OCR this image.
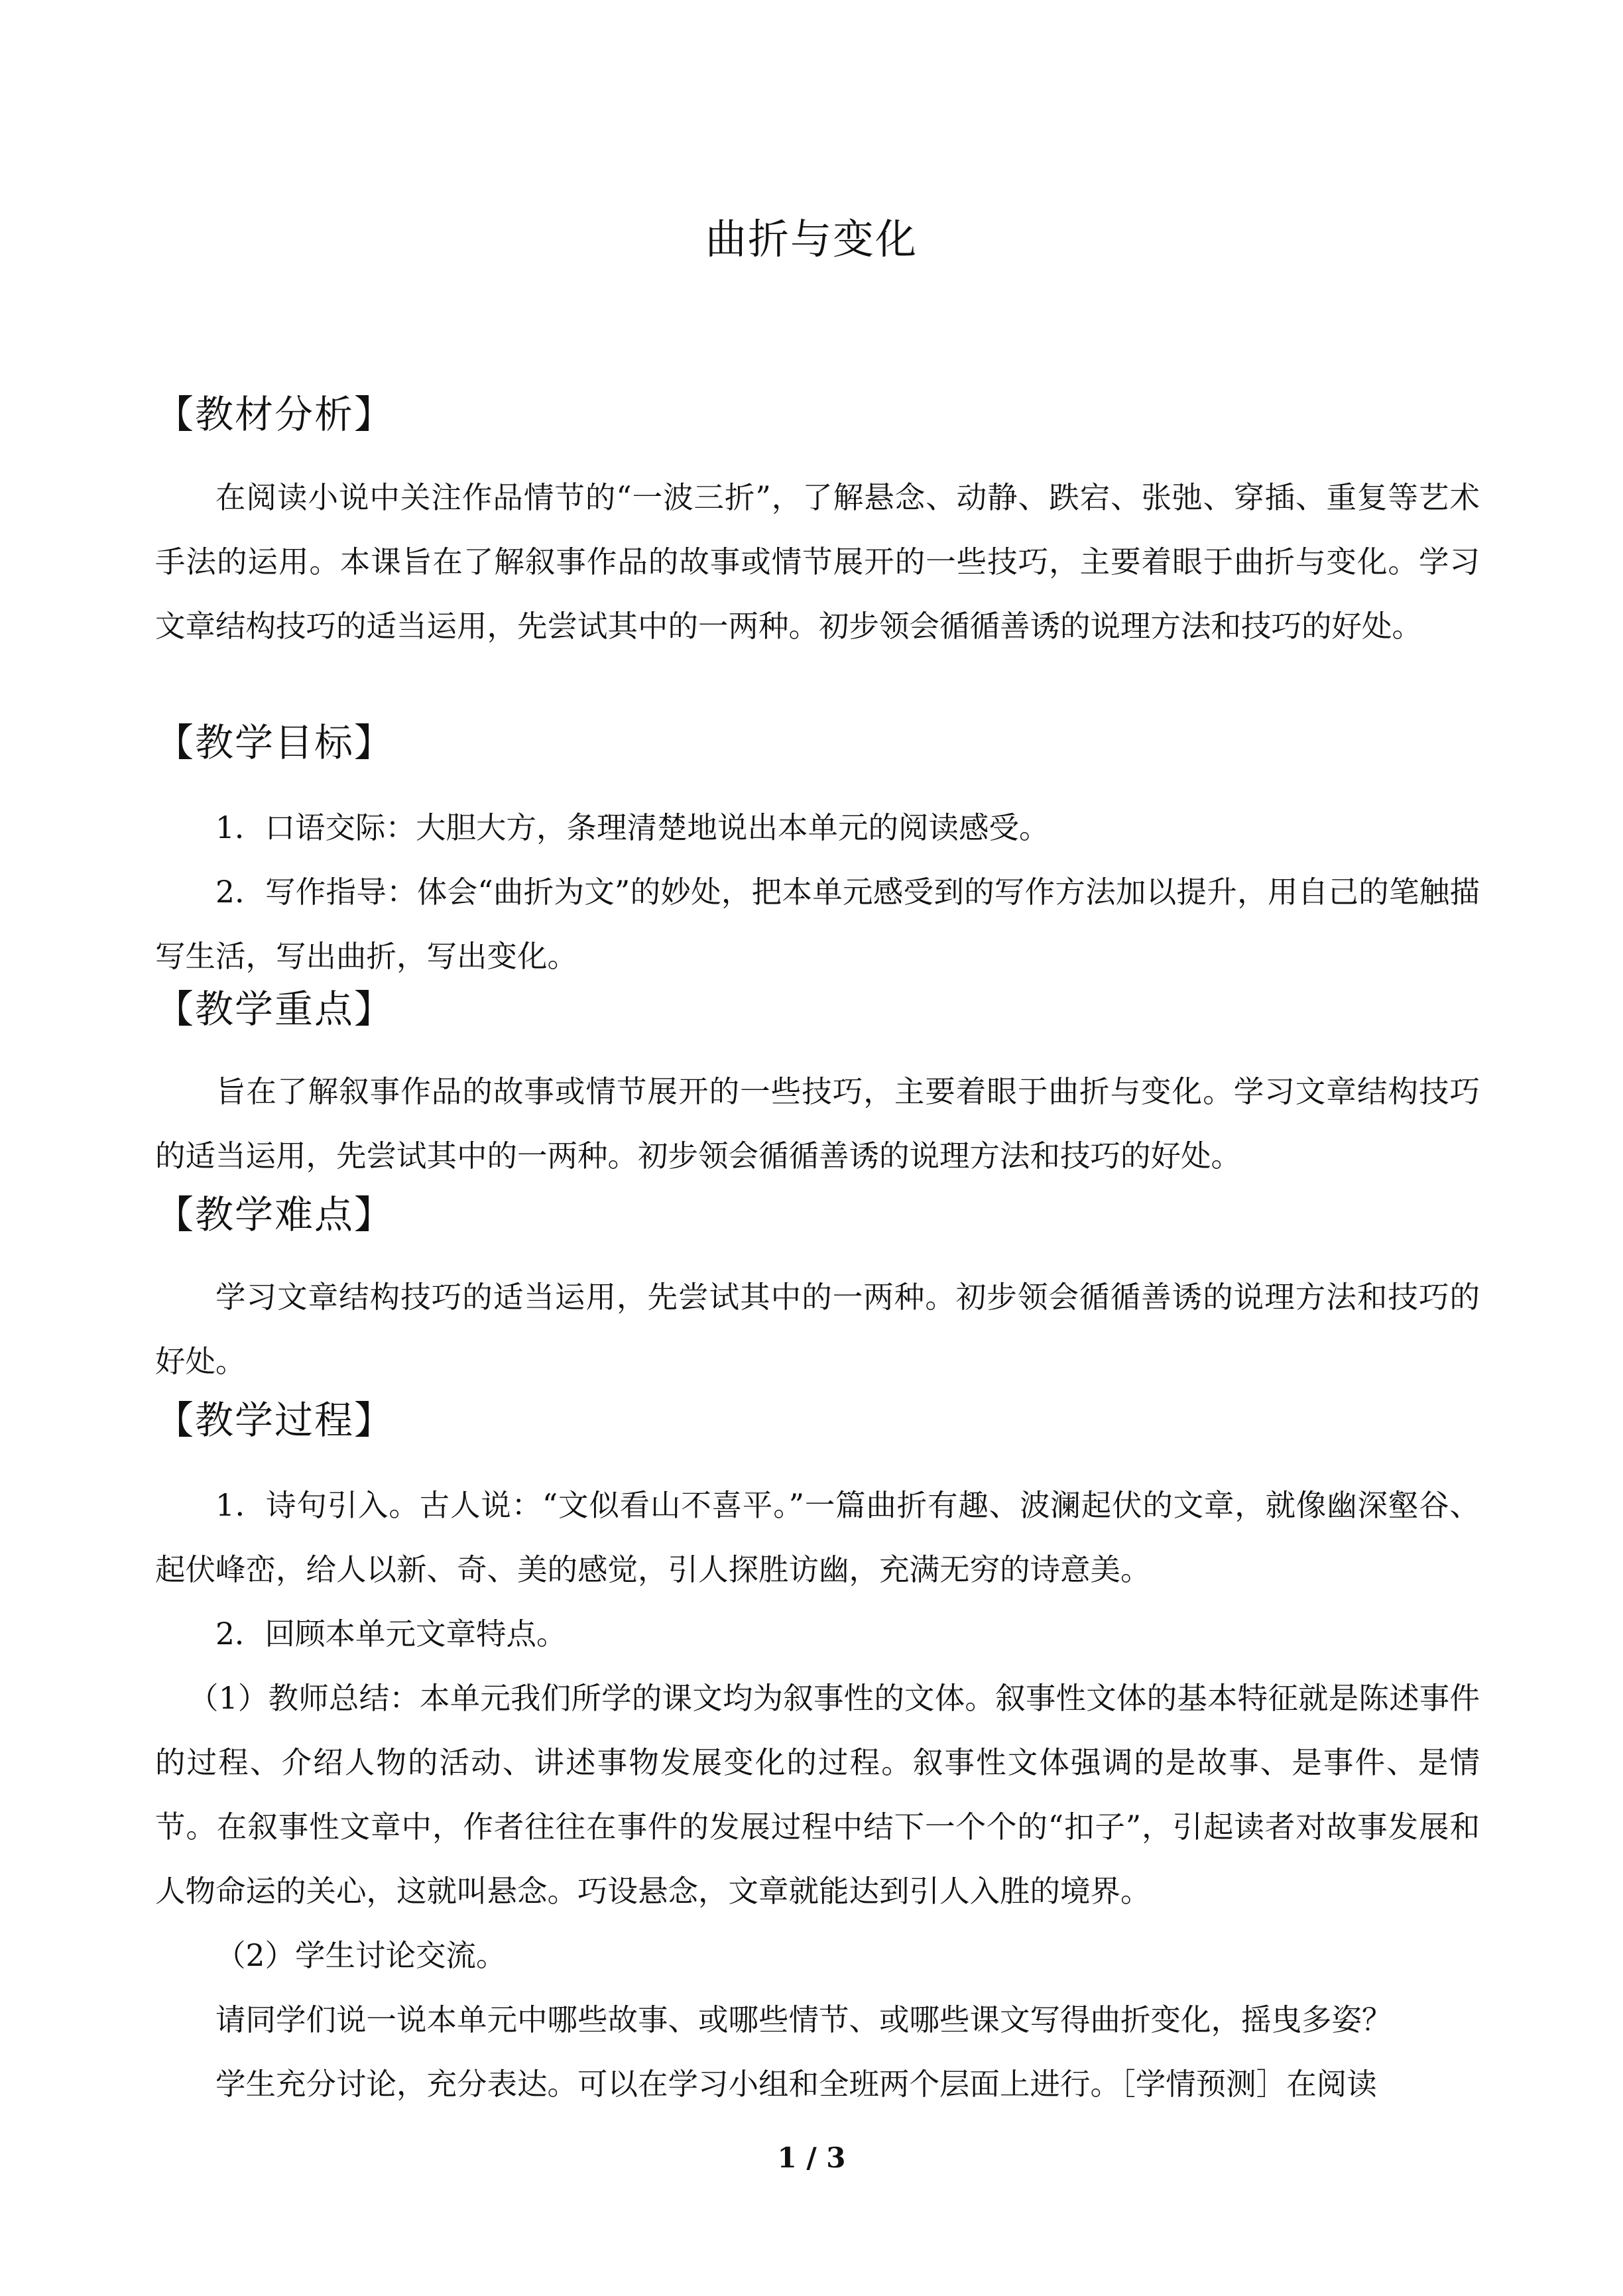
曲折与变化
【教材分析】

在阅读小说中关注作品情节的“一波三折”，了解悬念、动静、跌宕、张弛、穿插、重复等艺术手法的运用。本课旨在了解叙事作品的故事或情节展开的一些技巧，主要着眼于曲折与变化。学习文章结构技巧的适当运用，先尝试其中的一两种。初步领会循循善诱的说理方法和技巧的好处。

【教学目标】

1．口语交际：大胆大方，条理清楚地说出本单元的阅读感受。

2．写作指导：体会“曲折为文”的妙处，把本单元感受到的写作方法加以提升，用自己的笔触描写生活，写出曲折，写出变化。

【教学重点】

旨在了解叙事作品的故事或情节展开的一些技巧，主要着眼于曲折与变化。学习文章结构技巧的适当运用，先尝试其中的一两种。初步领会循循善诱的说理方法和技巧的好处。

【教学难点】

学习文章结构技巧的适当运用，先尝试其中的一两种。初步领会循循善诱的说理方法和技巧的好处。

【教学过程】

1．诗句引入。古人说：“文似看山不喜平。”一篇曲折有趣、波澜起伏的文章，就像幽深壑谷、起伏峰峦，给人以新、奇、美的感觉，引人探胜访幽，充满无穷的诗意美。

2．回顾本单元文章特点。

（1）教师总结：本单元我们所学的课文均为叙事性的文体。叙事性文体的基本特征就是陈述事件的过程、介绍人物的活动、讲述事物发展变化的过程。叙事性文体强调的是故事、是事件、是情节。在叙事性文章中，作者往往在事件的发展过程中结下一个个的“扣子”，引起读者对故事发展和人物命运的关心，这就叫悬念。巧设悬念，文章就能达到引人入胜的境界。

（2）学生讨论交流。

请同学们说一说本单元中哪些故事、或哪些情节、或哪些课文写得曲折变化，摇曳多姿？

学生充分讨论，充分表达。可以在学习小组和全班两个层面上进行。［学情预测］在阅读

1 / 3
